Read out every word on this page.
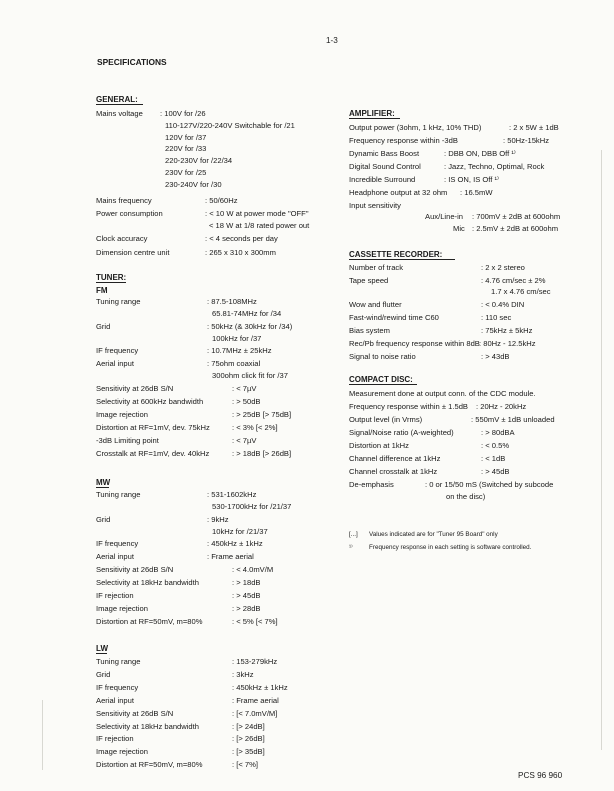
1-3
SPECIFICATIONS
PCS 96 960
GENERAL:
Mains voltage : 100V for /26
110-127V/220-240V Switchable for /21
120V for /37
220V for /33
220-230V for /22/34
230V for /25
230-240V for /30
Mains frequency	: 50/60Hz
Power consumption	: < 10 W at power mode "OFF"
< 18 W at 1/8 rated power out
Clock accuracy	: < 4 seconds per day
Dimension centre unit	: 265 x 310 x 300mm
TUNER:
FM
Tuning range	: 87.5-108MHz
65.81-74MHz for /34
Grid	: 50kHz (& 30kHz for /34)
100kHz for /37
IF frequency	: 10.7MHz ± 25kHz
Aerial input	: 75ohm coaxial
300ohm click fit for /37
Sensitivity at 26dB S/N	: < 7µV
Selectivity at 600kHz bandwidth	: > 50dB
Image rejection	: > 25dB [> 75dB]
Distortion at RF=1mV, dev. 75kHz	: < 3% [< 2%]
-3dB Limiting point	: < 7µV
Crosstalk at RF=1mV, dev. 40kHz	: > 18dB [> 26dB]
MW
Tuning range	: 531-1602kHz
530-1700kHz for /21/37
Grid	: 9kHz
10kHz for /21/37
IF frequency	: 450kHz ± 1kHz
Aerial input	: Frame aerial
Sensitivity at 26dB S/N	: < 4.0mV/M
Selectivity at 18kHz bandwidth	: > 18dB
IF rejection	: > 45dB
Image rejection	: > 28dB
Distortion at RF=50mV, m=80%	: < 5% [< 7%]
LW
Tuning range	: 153-279kHz
Grid	: 3kHz
IF frequency	: 450kHz ± 1kHz
Aerial input	: Frame aerial
Sensitivity at 26dB S/N	: [< 7.0mV/M]
Selectivity at 18kHz bandwidth	: [> 24dB]
IF rejection	: [> 26dB]
Image rejection	: [> 35dB]
Distortion at RF=50mV, m=80%	: [< 7%]
AMPLIFIER:
Output power (3ohm, 1 kHz, 10% THD)	: 2 x 5W ± 1dB
Frequency response within -3dB	: 50Hz-15kHz
Dynamic Bass Boost	: DBB ON, DBB Off ¹⁾
Digital Sound Control	: Jazz, Techno, Optimal, Rock
Incredible Surround	: IS ON, IS Off ¹⁾
Headphone output at 32 ohm : 16.5mW
Input sensitivity
Aux/Line-in : 700mV ± 2dB at 600ohm
Mic : 2.5mV ± 2dB at 600ohm
CASSETTE RECORDER:
Number of track	: 2 x 2 stereo
Tape speed	: 4.76 cm/sec ± 2%
1.7 x 4.76 cm/sec
Wow and flutter	: < 0.4% DIN
Fast-wind/rewind time C60	: 110 sec
Bias system	: 75kHz ± 5kHz
Rec/Pb frequency response within 8dB : 80Hz - 12.5kHz
Signal to noise ratio	: > 43dB
COMPACT DISC:
Measurement done at output conn. of the CDC module.
Frequency response within ± 1.5dB : 20Hz - 20kHz
Output level (in Vrms)	: 550mV ± 1dB unloaded
Signal/Noise ratio (A-weighted)	: > 80dBA
Distortion at 1kHz	: < 0.5%
Channel difference at 1kHz	: < 1dB
Channel crosstalk at 1kHz	: > 45dB
De-emphasis	: 0 or 15/50 mS (Switched by subcode
on the disc)
[...] Values indicated are for "Tuner 95 Board" only
¹⁾	Frequency response in each setting is software controlled.
